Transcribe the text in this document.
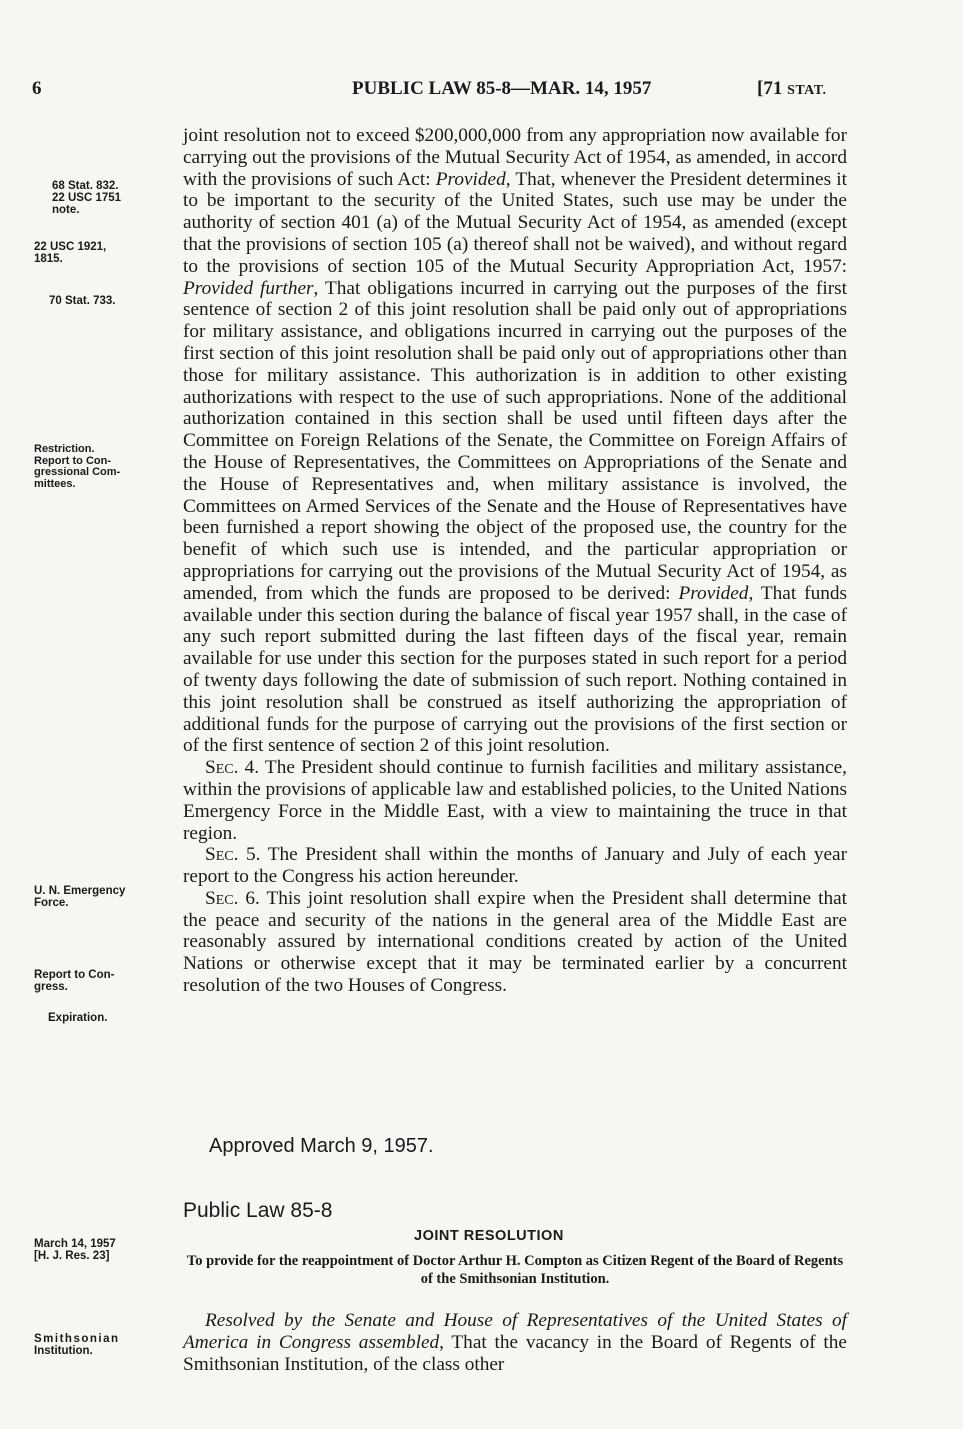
6	PUBLIC LAW 85-8—MAR. 14, 1957	[71 STAT.
68 Stat. 832.
22 USC 1751
note.
22 USC 1921,
1815.
70 Stat. 733.
Restriction.
Report to Con-
gressional Com-
mittees.
U. N. Emergency
Force.
Report to Con-
gress.
Expiration.
March 14, 1957
[H. J. Res. 23]
Smithsonian
Institution.

joint resolution not to exceed $200,000,000 from any appropriation now available for carrying out the provisions of the Mutual Security Act of 1954, as amended, in accord with the provisions of such Act: Provided, That, whenever the President determines it to be important to the security of the United States, such use may be under the authority of section 401 (a) of the Mutual Security Act of 1954, as amended (except that the provisions of section 105 (a) thereof shall not be waived), and without regard to the provisions of section 105 of the Mutual Security Appropriation Act, 1957: Provided further, That obligations incurred in carrying out the purposes of the first sentence of section 2 of this joint resolution shall be paid only out of appropriations for military assistance, and obligations incurred in carrying out the purposes of the first section of this joint resolution shall be paid only out of appropriations other than those for military assistance. This authorization is in addition to other existing authorizations with respect to the use of such appropriations. None of the additional authorization contained in this section shall be used until fifteen days after the Committee on Foreign Relations of the Senate, the Committee on Foreign Affairs of the House of Representatives, the Committees on Appropriations of the Senate and the House of Representatives and, when military assistance is involved, the Committees on Armed Services of the Senate and the House of Representatives have been furnished a report showing the object of the proposed use, the country for the benefit of which such use is intended, and the particular appropriation or appropriations for carrying out the provisions of the Mutual Security Act of 1954, as amended, from which the funds are proposed to be derived: Provided, That funds available under this section during the balance of fiscal year 1957 shall, in the case of any such report submitted during the last fifteen days of the fiscal year, remain available for use under this section for the purposes stated in such report for a period of twenty days following the date of submission of such report. Nothing contained in this joint resolution shall be construed as itself authorizing the appropriation of additional funds for the purpose of carrying out the provisions of the first section or of the first sentence of section 2 of this joint resolution.

Sec. 4. The President should continue to furnish facilities and military assistance, within the provisions of applicable law and established policies, to the United Nations Emergency Force in the Middle East, with a view to maintaining the truce in that region.

Sec. 5. The President shall within the months of January and July of each year report to the Congress his action hereunder.

Sec. 6. This joint resolution shall expire when the President shall determine that the peace and security of the nations in the general area of the Middle East are reasonably assured by international conditions created by action of the United Nations or otherwise except that it may be terminated earlier by a concurrent resolution of the two Houses of Congress.

Approved March 9, 1957.
Public Law 85-8
JOINT RESOLUTION
To provide for the reappointment of Doctor Arthur H. Compton as Citizen Regent of the Board of Regents of the Smithsonian Institution.

Resolved by the Senate and House of Representatives of the United States of America in Congress assembled, That the vacancy in the Board of Regents of the Smithsonian Institution, of the class other
